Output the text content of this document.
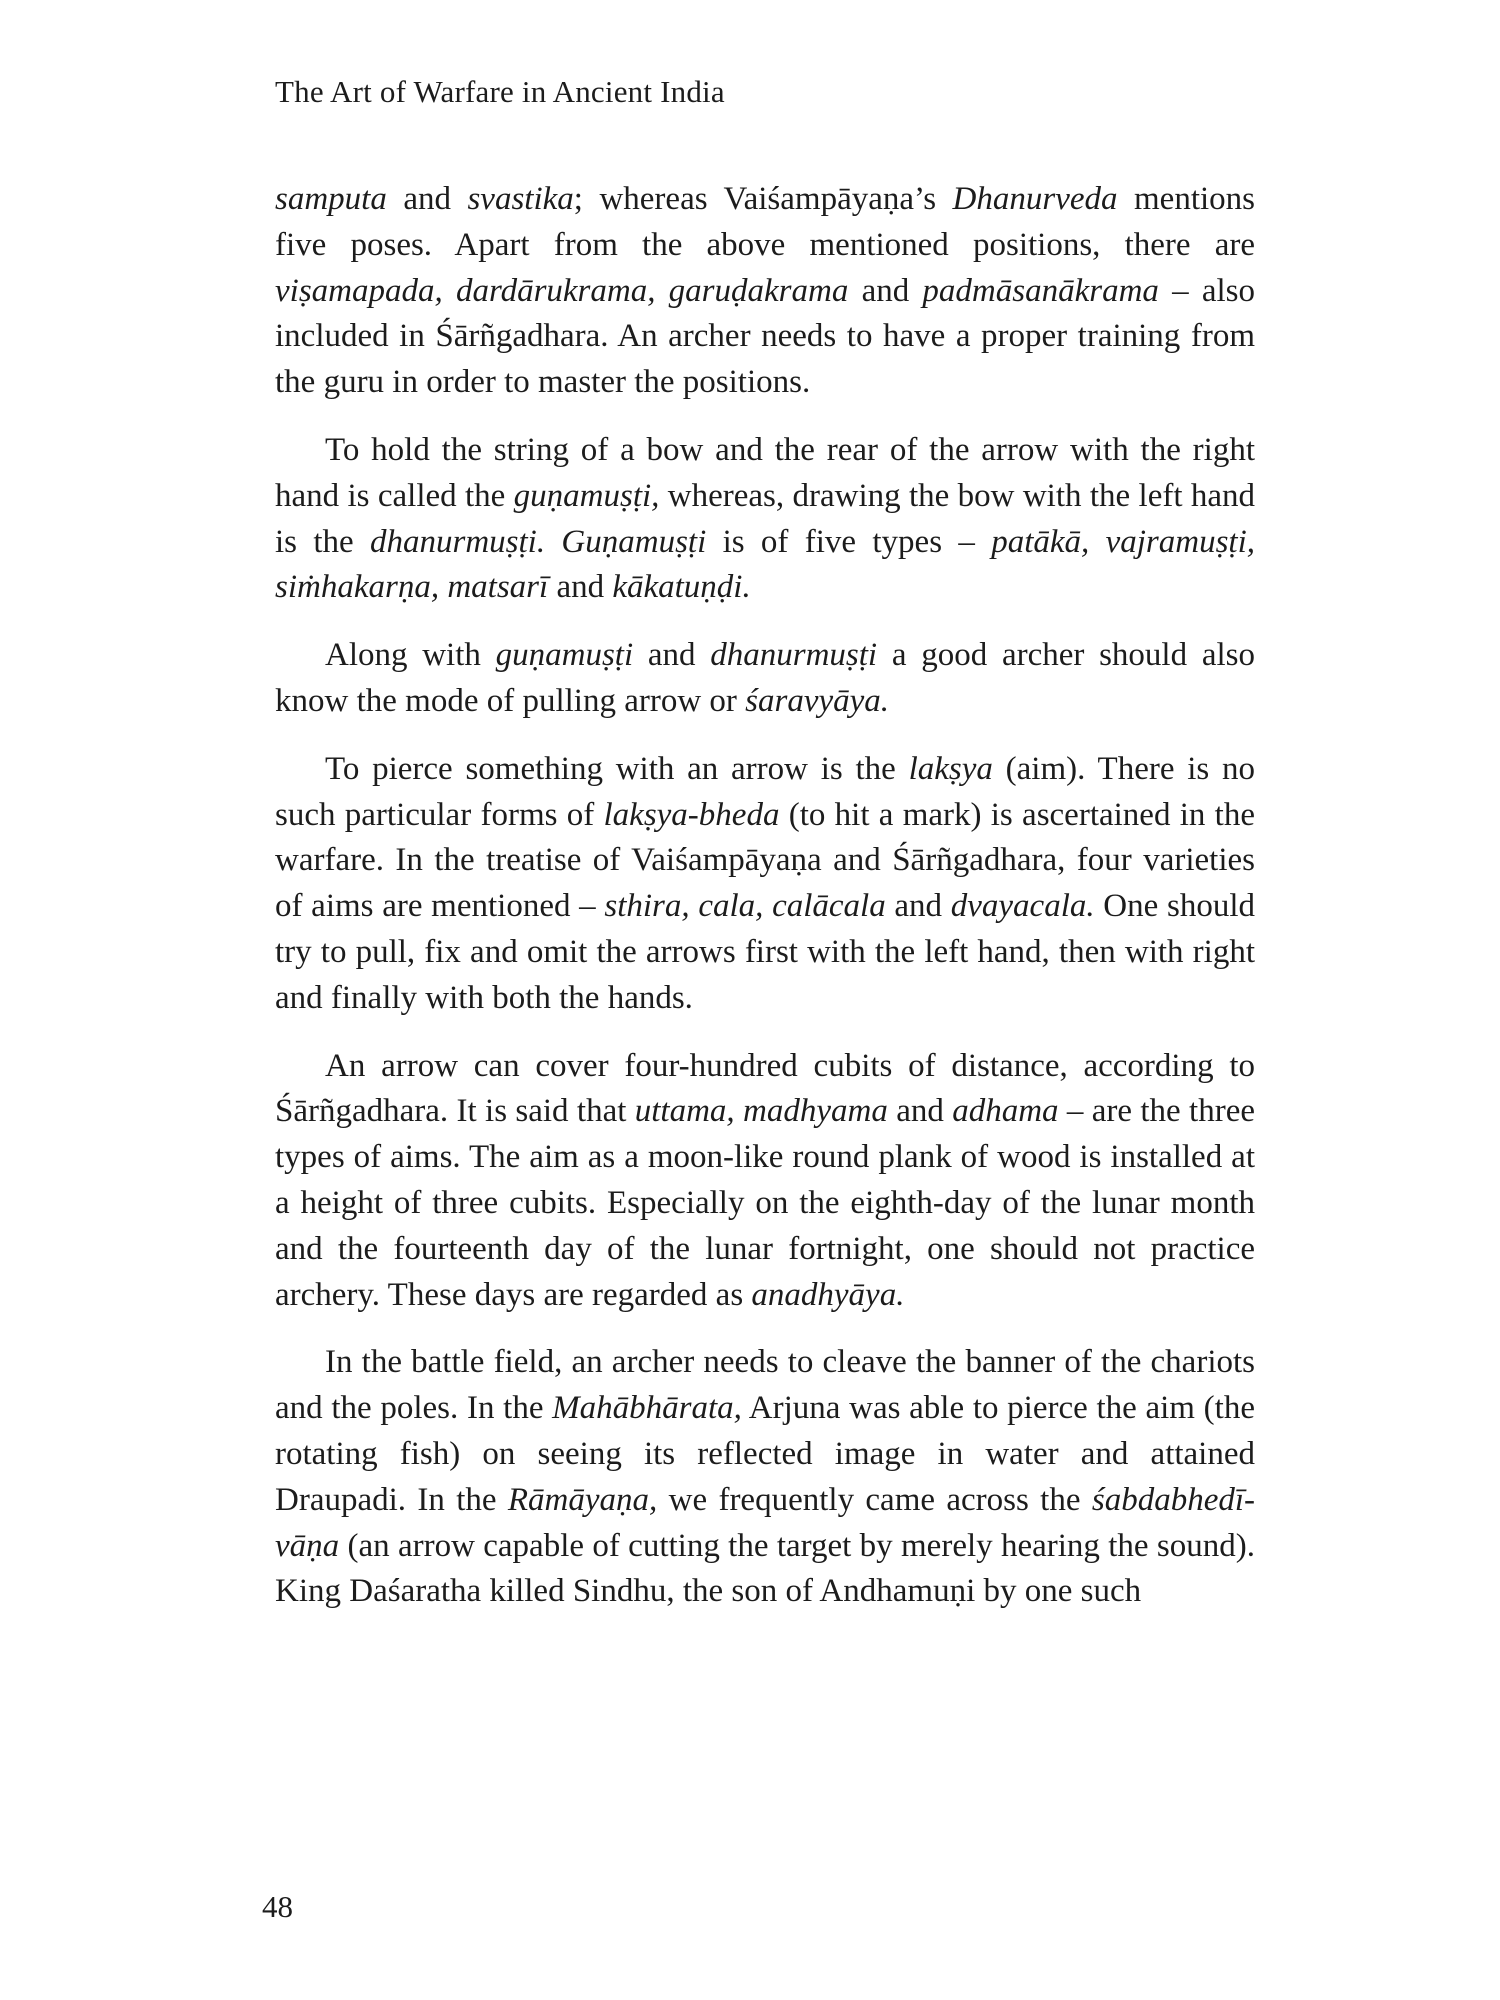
The Art of Warfare in Ancient India

samputa and svastika; whereas Vaiśampāyaṇa’s Dhanurveda mentions five poses. Apart from the above mentioned positions, there are viṣamapada, dardārukrama, garuḍakrama and padmāsanākrama – also included in Śārñgadhara. An archer needs to have a proper training from the guru in order to master the positions.

To hold the string of a bow and the rear of the arrow with the right hand is called the guṇamuṣṭi, whereas, drawing the bow with the left hand is the dhanurmuṣṭi. Guṇamuṣṭi is of five types – patākā, vajramuṣṭi, siṁhakarṇa, matsarī and kākatuṇḍi.

Along with guṇamuṣṭi and dhanurmuṣṭi a good archer should also know the mode of pulling arrow or śaravyāya.

To pierce something with an arrow is the lakṣya (aim). There is no such particular forms of lakṣya-bheda (to hit a mark) is ascertained in the warfare. In the treatise of Vaiśampāyaṇa and Śārñgadhara, four varieties of aims are mentioned – sthira, cala, calācala and dvayacala. One should try to pull, fix and omit the arrows first with the left hand, then with right and finally with both the hands.

An arrow can cover four-hundred cubits of distance, according to Śārñgadhara. It is said that uttama, madhyama and adhama – are the three types of aims. The aim as a moon-like round plank of wood is installed at a height of three cubits. Especially on the eighth-day of the lunar month and the fourteenth day of the lunar fortnight, one should not practice archery. These days are regarded as anadhyāya.

In the battle field, an archer needs to cleave the banner of the chariots and the poles. In the Mahābhārata, Arjuna was able to pierce the aim (the rotating fish) on seeing its reflected image in water and attained Draupadi. In the Rāmāyaṇa, we frequently came across the śabdabhedī-vāṇa (an arrow capable of cutting the target by merely hearing the sound). King Daśaratha killed Sindhu, the son of Andhamuṇi by one such

48
